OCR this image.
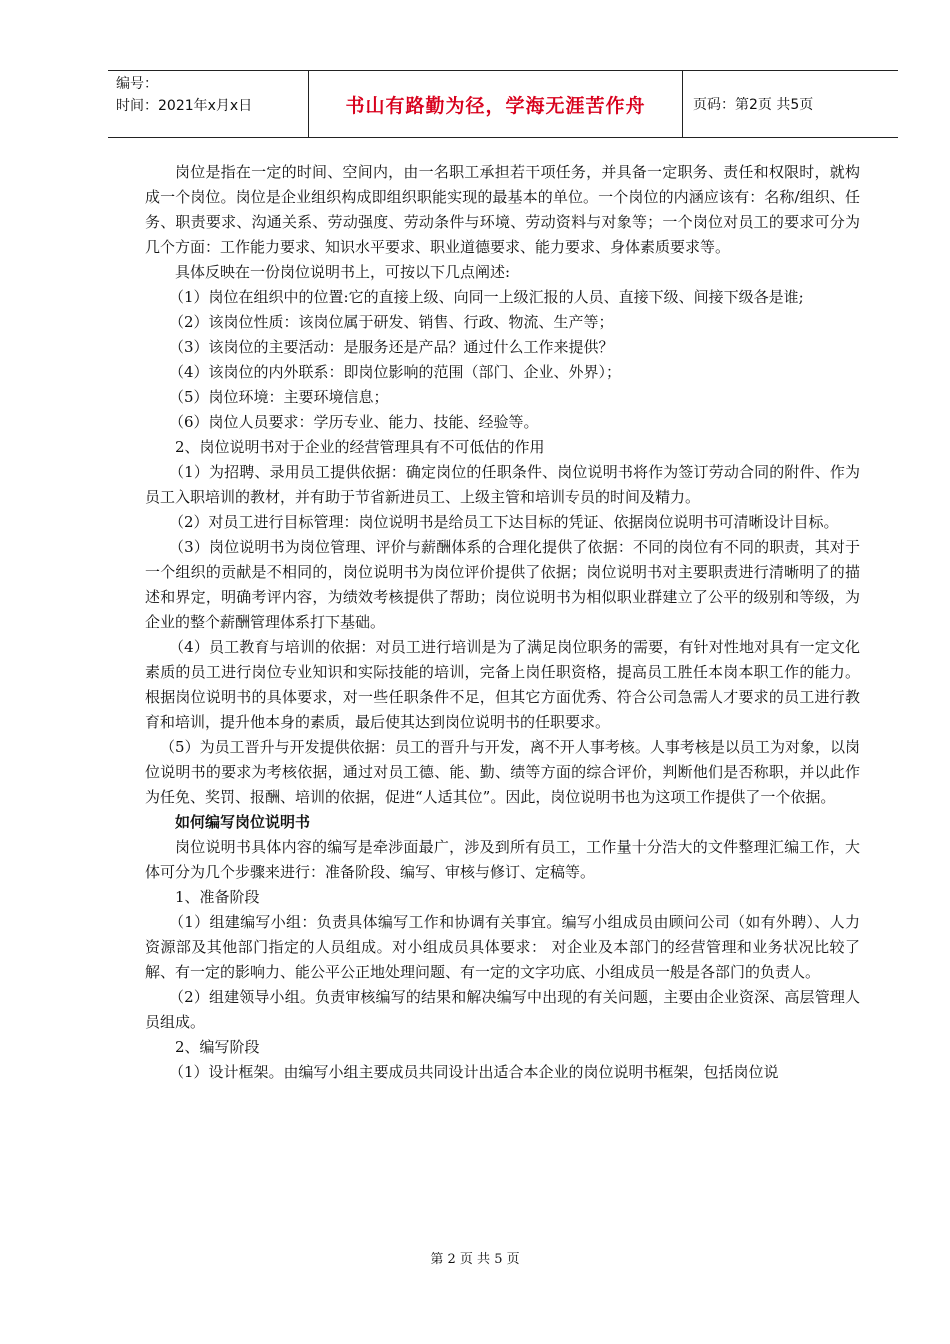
编号：
时间：2021年x月x日	书山有路勤为径，学海无涯苦作舟	页码：第2页 共5页

岗位是指在一定的时间、空间内，由一名职工承担若干项任务，并具备一定职务、责任和权限时，就构成一个岗位。岗位是企业组织构成即组织职能实现的最基本的单位。一个岗位的内涵应该有：名称/组织、任务、职责要求、沟通关系、劳动强度、劳动条件与环境、劳动资料与对象等；一个岗位对员工的要求可分为几个方面：工作能力要求、知识水平要求、职业道德要求、能力要求、身体素质要求等。

具体反映在一份岗位说明书上，可按以下几点阐述:

（1）岗位在组织中的位置:它的直接上级、向同一上级汇报的人员、直接下级、间接下级各是谁;

（2）该岗位性质：该岗位属于研发、销售、行政、物流、生产等；

（3）该岗位的主要活动：是服务还是产品？通过什么工作来提供？

（4）该岗位的内外联系：即岗位影响的范围（部门、企业、外界）；

（5）岗位环境：主要环境信息；

（6）岗位人员要求：学历专业、能力、技能、经验等。

2、岗位说明书对于企业的经营管理具有不可低估的作用

（1）为招聘、录用员工提供依据：确定岗位的任职条件、岗位说明书将作为签订劳动合同的附件、作为员工入职培训的教材，并有助于节省新进员工、上级主管和培训专员的时间及精力。

（2）对员工进行目标管理：岗位说明书是给员工下达目标的凭证、依据岗位说明书可清晰设计目标。

（3）岗位说明书为岗位管理、评价与薪酬体系的合理化提供了依据：不同的岗位有不同的职责，其对于一个组织的贡献是不相同的，岗位说明书为岗位评价提供了依据；岗位说明书对主要职责进行清晰明了的描述和界定，明确考评内容，为绩效考核提供了帮助；岗位说明书为相似职业群建立了公平的级别和等级，为企业的整个薪酬管理体系打下基础。

（4）员工教育与培训的依据：对员工进行培训是为了满足岗位职务的需要，有针对性地对具有一定文化素质的员工进行岗位专业知识和实际技能的培训，完备上岗任职资格，提高员工胜任本岗本职工作的能力。根据岗位说明书的具体要求，对一些任职条件不足，但其它方面优秀、符合公司急需人才要求的员工进行教育和培训，提升他本身的素质，最后使其达到岗位说明书的任职要求。

（5）为员工晋升与开发提供依据：员工的晋升与开发，离不开人事考核。人事考核是以员工为对象，以岗位说明书的要求为考核依据，通过对员工德、能、勤、绩等方面的综合评价，判断他们是否称职，并以此作为任免、奖罚、报酬、培训的依据，促进“人适其位”。因此，岗位说明书也为这项工作提供了一个依据。

如何编写岗位说明书

岗位说明书具体内容的编写是牵涉面最广，涉及到所有员工，工作量十分浩大的文件整理汇编工作，大体可分为几个步骤来进行：准备阶段、编写、审核与修订、定稿等。

1、准备阶段

（1）组建编写小组：负责具体编写工作和协调有关事宜。编写小组成员由顾问公司（如有外聘）、人力资源部及其他部门指定的人员组成。对小组成员具体要求： 对企业及本部门的经营管理和业务状况比较了解、有一定的影响力、能公平公正地处理问题、有一定的文字功底、小组成员一般是各部门的负责人。

（2）组建领导小组。负责审核编写的结果和解决编写中出现的有关问题，主要由企业资深、高层管理人员组成。

2、编写阶段

（1）设计框架。由编写小组主要成员共同设计出适合本企业的岗位说明书框架，包括岗位说

第 2 页 共 5 页
